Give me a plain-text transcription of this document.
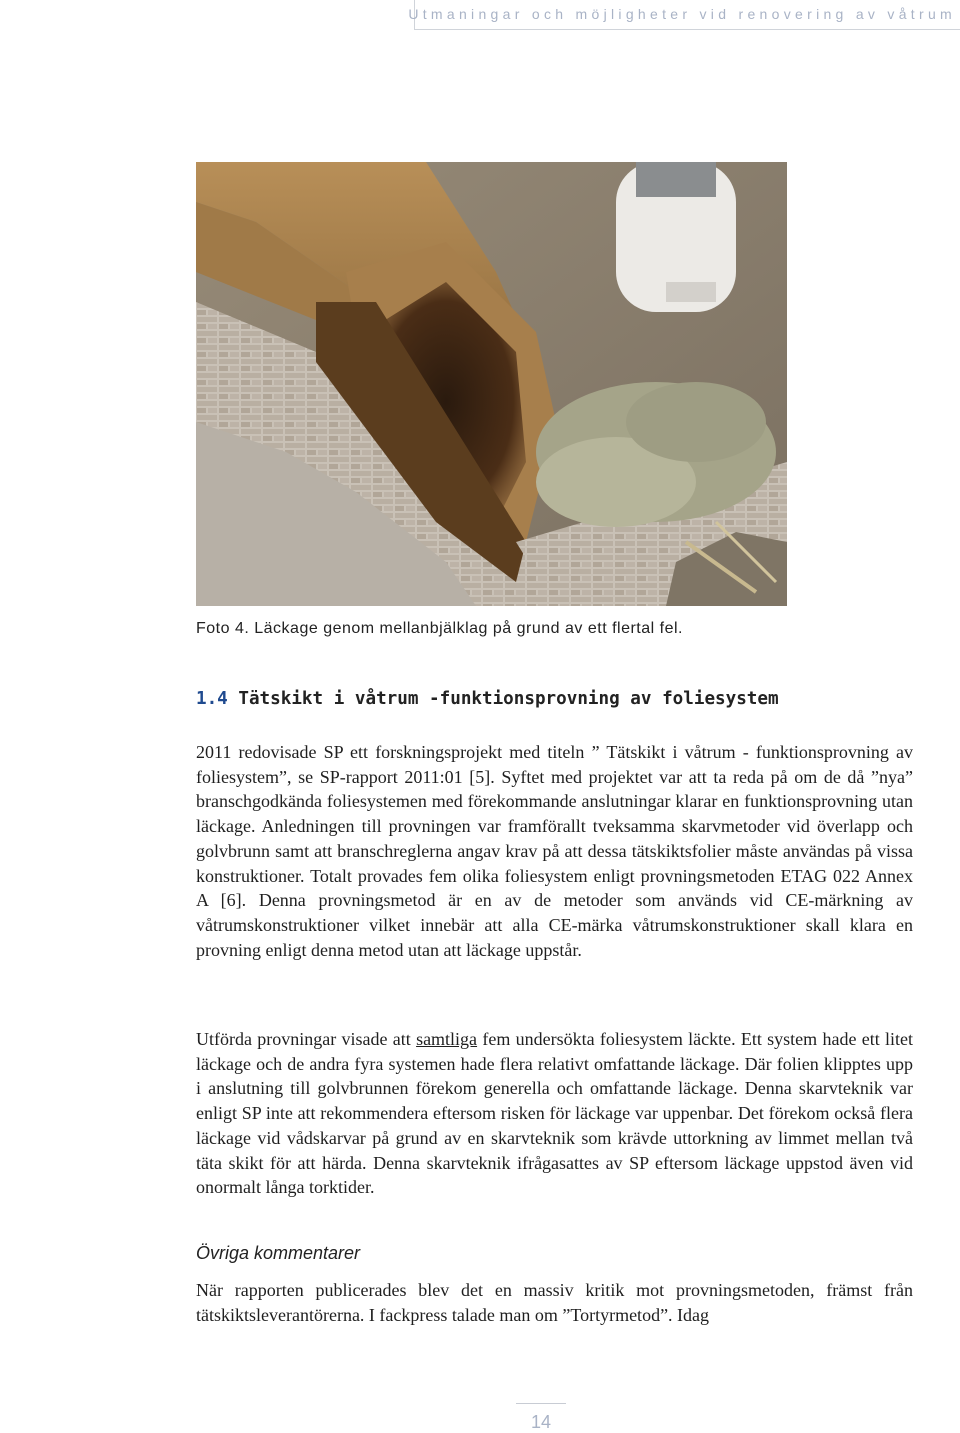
Utmaningar och möjligheter vid renovering av våtrum
Foto 4. Läckage genom mellanbjälklag på grund av ett flertal fel.
1.4 Tätskikt i våtrum -funktionsprovning av foliesystem

2011 redovisade SP ett forskningsprojekt med titeln ” Tätskikt i våtrum - funktionsprovning av foliesystem”, se SP-rapport 2011:01 [5]. Syftet med projektet var att ta reda på om de då ”nya” branschgodkända foliesystemen med förekommande anslutningar klarar en funktionsprovning utan läckage. Anledningen till provningen var framförallt tveksamma skarvmetoder vid överlapp och golvbrunn samt att branschreglerna angav krav på att dessa tätskiktsfolier måste användas på vissa konstruktioner. Totalt provades fem olika foliesystem enligt provningsmetoden ETAG 022 Annex A [6]. Denna provningsmetod är en av de metoder som används vid CE-märkning av våtrumskonstruktioner vilket innebär att alla CE-märka våtrumskonstruktioner skall klara en provning enligt denna metod utan att läckage uppstår.

Utförda provningar visade att samtliga fem undersökta foliesystem läckte. Ett system hade ett litet läckage och de andra fyra systemen hade flera relativt omfattande läckage. Där folien klipptes upp i anslutning till golvbrunnen förekom generella och omfattande läckage. Denna skarvteknik var enligt SP inte att rekommendera eftersom risken för läckage var uppenbar. Det förekom också flera läckage vid vådskarvar på grund av en skarvteknik som krävde uttorkning av limmet mellan två täta skikt för att härda. Denna skarvteknik ifrågasattes av SP eftersom läckage uppstod även vid onormalt långa torktider.

Övriga kommentarer

När rapporten publicerades blev det en massiv kritik mot provningsmetoden, främst från tätskiktsleverantörerna. I fackpress talade man om ”Tortyrmetod”. Idag

14
